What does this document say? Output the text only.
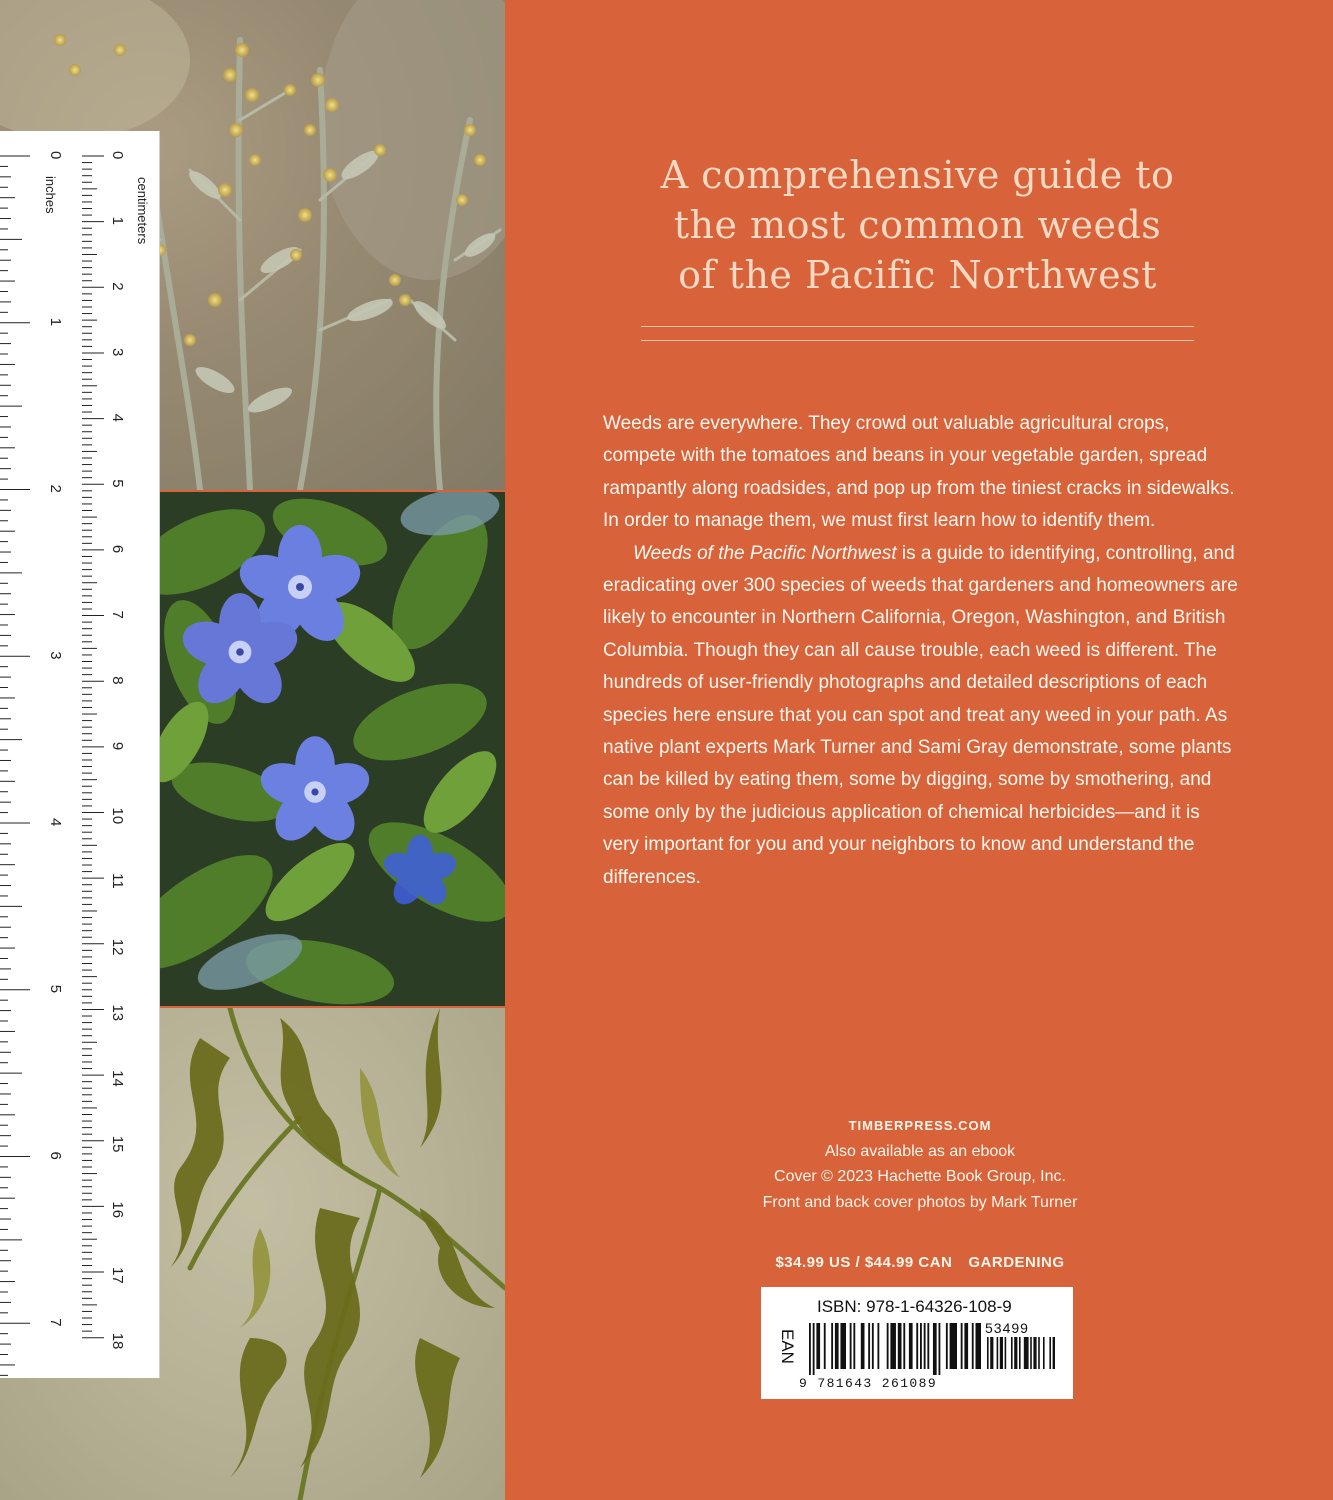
0
1
2
3
4
5
6
7
8
9
10
11
12
13
14
15
16
17
18
0
1
2
3
4
5
6
7
centimeters
inches	A comprehensive guide to
the most common weeds
of the Pacific Northwest

Weeds are everywhere. They crowd out valuable agricultural crops, compete with the tomatoes and beans in your vegetable garden, spread rampantly along roadsides, and pop up from the tiniest cracks in sidewalks. In order to manage them, we must first learn how to identify them.

Weeds of the Pacific Northwest is a guide to identifying, controlling, and eradicating over 300 species of weeds that gardeners and homeowners are likely to encounter in Northern California, Oregon, Washington, and British Columbia. Though they can all cause trouble, each weed is different. The hundreds of user-friendly photographs and detailed descriptions of each species here ensure that you can spot and treat any weed in your path. As native plant experts Mark Turner and Sami Gray demonstrate, some plants can be killed by eating them, some by digging, some by smothering, and some only by the judicious application of chemical herbicides—and it is very important for you and your neighbors to know and understand the differences.

TIMBERPRESS.COM
Also available as an ebook
Cover © 2023 Hachette Book Group, Inc.
Front and back cover photos by Mark Turner
$34.99 US / $44.99 CAN GARDENING
ISBN: 978-1-64326-108-9
EAN
53499
9 781643 261089
